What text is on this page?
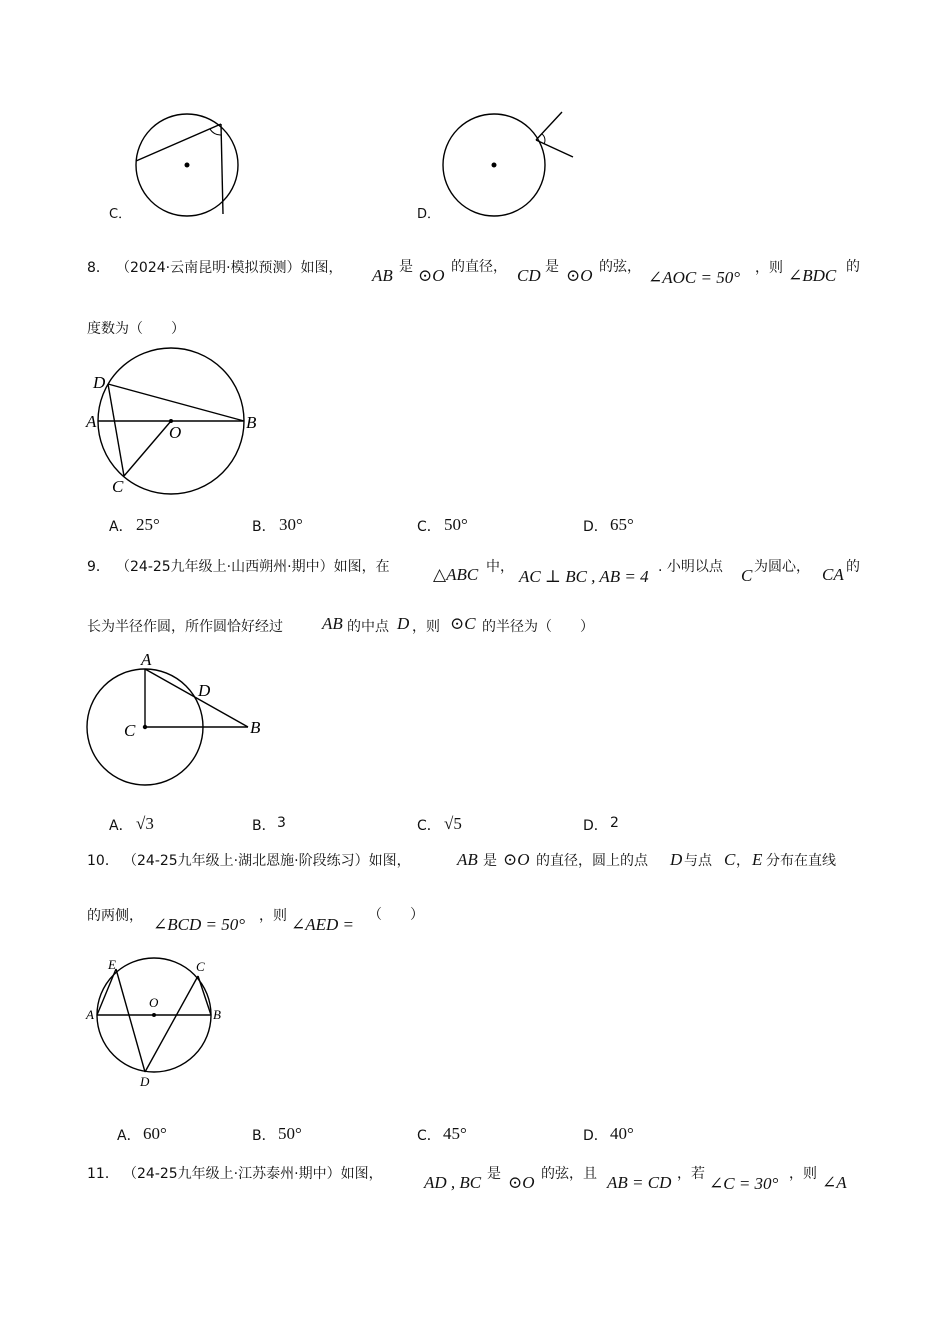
C．	D．
8． （2024·云南昆明·模拟预测）如图， AB 是 ⊙O 的直径， CD 是 ⊙O 的弦，
∠AOC = 50° ，则 ∠BDC 的
度数为（　　）
D
A
O
B
C
A． 25°	B． 30°	C． 50°	D． 65°
9． （24-25九年级上·山西朔州·期中）如图，在	△ABC 中， AC ⊥ BC , AB = 4 . 小明以点 C 为圆心， CA 的
长为半径作圆，所作圆恰好经过 AB 的中点 D ，则 ⊙C 的半径为（　　）
A
D
C	B
A． √3	B． 3	C． √5	D． 2
10． （24-25九年级上·湖北恩施·阶段练习）如图，	AB 是 ⊙O 的直径，圆上的点 D 与点 C ， E 分布在直线
的两侧， ∠BCD = 50° ，则 ∠AED = （　　）
E	C
O
A	B
D
A． 60°	B． 50°	C． 45°	D． 40°
11． （24-25九年级上·江苏泰州·期中）如图， AD , BC 是 ⊙O 的弦，且 AB = CD ，若 ∠C = 30° ，则 ∠A
